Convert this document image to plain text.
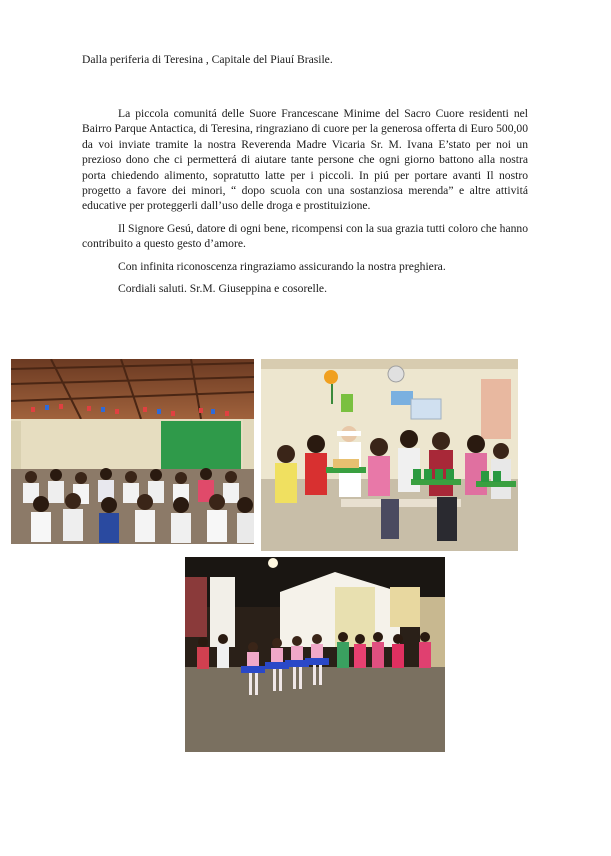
Dalla periferia di Teresina , Capitale del Piauí Brasile.

La piccola comunitá delle Suore Francescane Minime del Sacro Cuore residenti nel Bairro Parque Antactica, di Teresina, ringraziano di cuore per la generosa offerta di Euro 500,00 da voi inviate tramite la nostra Reverenda Madre Vicaria Sr. M. Ivana E’stato per noi un prezioso dono che ci permetterá di aiutare tante persone che ogni giorno battono alla nostra porta chiedendo alimento, sopratutto latte per i piccoli. In piú per portare avanti Il nostro progetto a favore dei minori, “ dopo scuola con una sostanziosa merenda” e altre attivitá educative per proteggerli dall’uso delle droga e prostituizione.

Il Signore Gesú, datore di ogni bene, ricompensi con la sua grazia tutti coloro che hanno contribuito a questo gesto d’amore.

Con infinita riconoscenza ringraziamo assicurando la nostra preghiera.

Cordiali saluti. Sr.M. Giuseppina e cosorelle.
